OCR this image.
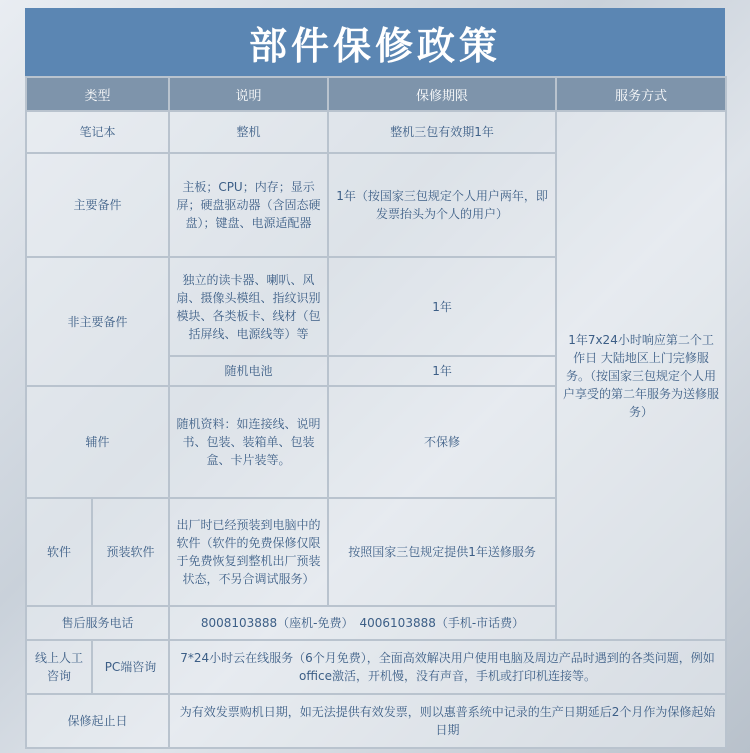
部件保修政策
类型		说明	保修期限	服务方式
笔记本		整机	整机三包有效期1年	1年7x24小时响应第二个工作日 大陆地区上门完修服务。（按国家三包规定个人用户享受的第二年服务为送修服务）
主要备件		主板；CPU；内存；显示屏；硬盘驱动器（含固态硬盘）；键盘、电源适配器	1年（按国家三包规定个人用户两年，即发票抬头为个人的用户）	
非主要备件		独立的读卡器、喇叭、风扇、摄像头模组、指纹识别模块、各类板卡、线材（包括屏线、电源线等）等	1年	
		随机电池	1年	
辅件		随机资料：如连接线、说明书、包装、装箱单、包装盒、卡片装等。	不保修	
软件	预装软件	出厂时已经预装到电脑中的软件（软件的免费保修仅限于免费恢复到整机出厂预装状态，不另合调试服务）	按照国家三包规定提供1年送修服务	
售后服务电话		8008103888（座机-免费）　4006103888（手机-市话费）		
线上人工咨询	PC端咨询	7*24小时云在线服务（6个月免费），全面高效解决用户使用电脑及周边产品时遇到的各类问题，例如office激活，开机慢，没有声音，手机或打印机连接等。		
保修起止日		为有效发票购机日期，如无法提供有效发票，则以惠普系统中记录的生产日期延后2个月作为保修起始日期		
